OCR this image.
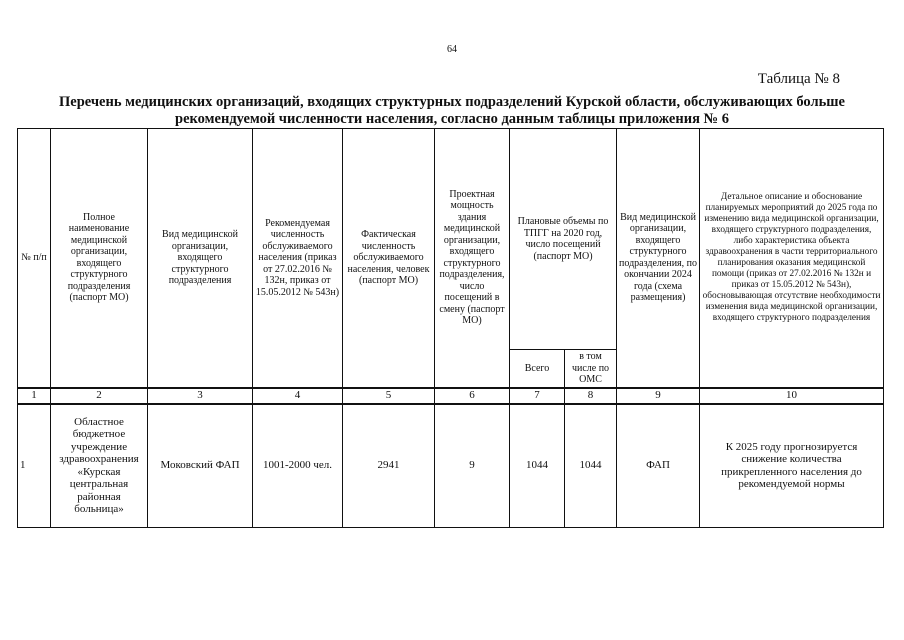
64
Таблица № 8
Перечень медицинских организаций, входящих структурных подразделений Курской области, обслуживающих больше рекомендуемой численности населения, согласно данным таблицы приложения № 6
№ п/п	Полное наименование медицинской организации, входящего структурного подразделения (паспорт МО)	Вид медицинской организации, входящего структурного подразделения	Рекомендуемая численность обслуживаемого населения (приказ от 27.02.2016 № 132н, приказ от 15.05.2012 № 543н)	Фактическая численность обслуживаемого населения, человек (паспорт МО)	Проектная мощность здания медицинской организации, входящего структурного подразделения, число посещений в смену (паспорт МО)	Плановые объемы по ТПГГ на 2020 год, число посещений (паспорт МО)		Вид медицинской организации, входящего структурного подразделения, по окончании 2024 года (схема размещения)	Детальное описание и обоснование планируемых мероприятий до 2025 года по изменению вида медицинской организации, входящего структурного подразделения, либо характеристика объекта здравоохранения в части территориального планирования оказания медицинской помощи (приказ от 27.02.2016 № 132н и приказ от 15.05.2012 № 543н), обосновывающая отсутствие необходимости изменения вида медицинской организации, входящего структурного подразделения
						Всего	в том числе по ОМС		
1	2	3	4	5	6	7	8	9	10
1	Областное бюджетное учреждение здравоохранения «Курская центральная районная больница»	Моковский ФАП	1001-2000 чел.	2941	9	1044	1044	ФАП	К 2025 году прогнозируется снижение количества прикрепленного населения до рекомендуемой нормы
